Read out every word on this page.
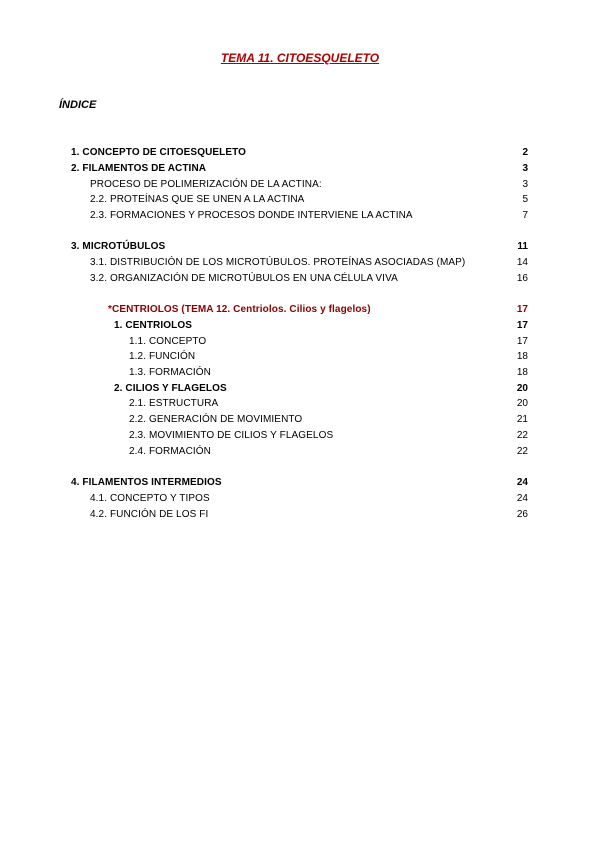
TEMA 11. CITOESQUELETO
ÍNDICE
1. CONCEPTO DE CITOESQUELETO	2
2. FILAMENTOS DE ACTINA	3
PROCESO DE POLIMERIZACIÓN DE LA ACTINA:	3
2.2. PROTEÍNAS QUE SE UNEN A LA ACTINA	5
2.3. FORMACIONES Y PROCESOS DONDE INTERVIENE LA ACTINA	7
3. MICROTÚBULOS	11
3.1. DISTRIBUCIÓN DE LOS MICROTÚBULOS. PROTEÍNAS ASOCIADAS (MAP)	14
3.2. ORGANIZACIÓN DE MICROTÚBULOS EN UNA CÉLULA VIVA	16
*CENTRIOLOS (TEMA 12. Centriolos. Cilios y flagelos)	17
1. CENTRIOLOS	17
1.1. CONCEPTO	17
1.2. FUNCIÓN	18
1.3. FORMACIÓN	18
2. CILIOS Y FLAGELOS	20
2.1. ESTRUCTURA	20
2.2. GENERACIÓN DE MOVIMIENTO	21
2.3. MOVIMIENTO DE CILIOS Y FLAGELOS	22
2.4. FORMACIÓN	22
4. FILAMENTOS INTERMEDIOS	24
4.1. CONCEPTO Y TIPOS	24
4.2. FUNCIÓN DE LOS FI	26
